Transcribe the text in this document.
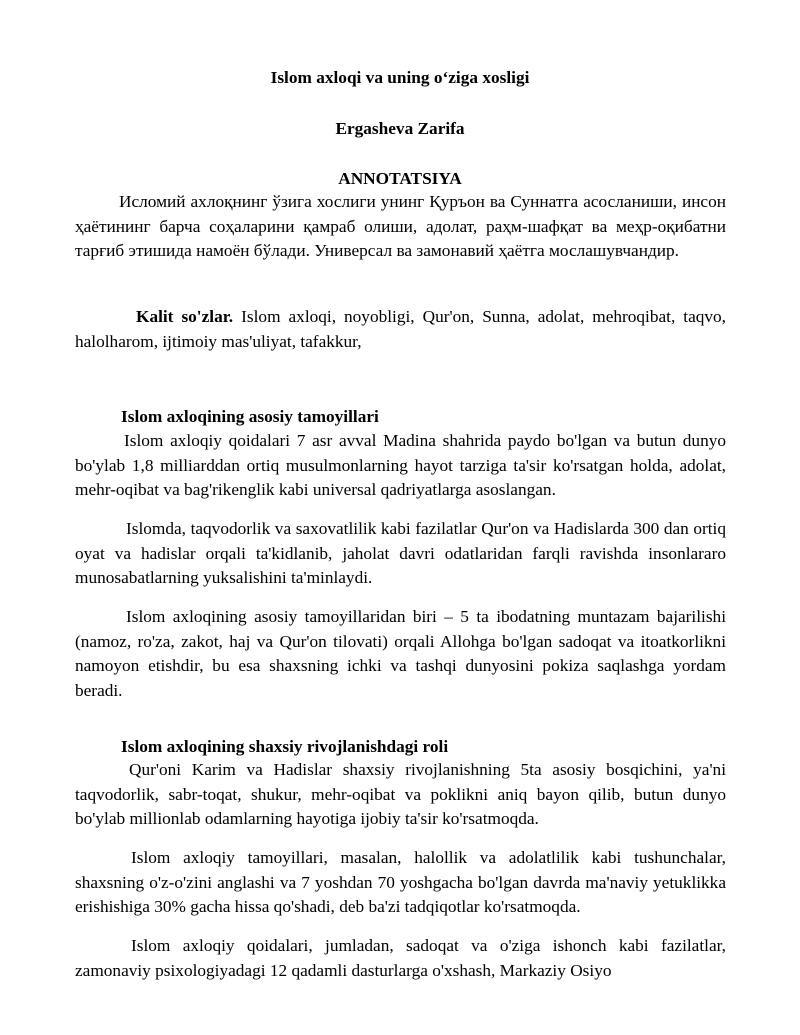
Islom axloqi va uning o‘ziga xosligi
Ergasheva Zarifa
ANNOTATSIYA
Исломий ахлоқнинг ўзига хослиги унинг Қуръон ва Суннатга асосланиши, инсон ҳаётининг барча соҳаларини қамраб олиши, адолат, раҳм-шафқат ва меҳр-оқибатни тарғиб этишида намоён бўлади. Универсал ва замонавий ҳаётга мослашувчандир.
Kalit so'zlar. Islom axloqi, noyobligi, Qur'on, Sunna, adolat, mehroqibat, taqvo, halolharom, ijtimoiy mas'uliyat, tafakkur,
Islom axloqining asosiy tamoyillari
Islom axloqiy qoidalari 7 asr avval Madina shahrida paydo bo'lgan va butun dunyo bo'ylab 1,8 milliarddan ortiq musulmonlarning hayot tarziga ta'sir ko'rsatgan holda, adolat, mehr-oqibat va bag'rikenglik kabi universal qadriyatlarga asoslangan.
Islomda, taqvodorlik va saxovatlilik kabi fazilatlar Qur'on va Hadislarda 300 dan ortiq oyat va hadislar orqali ta'kidlanib, jaholat davri odatlaridan farqli ravishda insonlararo munosabatlarning yuksalishini ta'minlaydi.
Islom axloqining asosiy tamoyillaridan biri – 5 ta ibodatning muntazam bajarilishi (namoz, ro'za, zakot, haj va Qur'on tilovati) orqali Allohga bo'lgan sadoqat va itoatkorlikni namoyon etishdir, bu esa shaxsning ichki va tashqi dunyosini pokiza saqlashga yordam beradi.
Islom axloqining shaxsiy rivojlanishdagi roli
Qur'oni Karim va Hadislar shaxsiy rivojlanishning 5ta asosiy bosqichini, ya'ni taqvodorlik, sabr-toqat, shukur, mehr-oqibat va poklikni aniq bayon qilib, butun dunyo bo'ylab millionlab odamlarning hayotiga ijobiy ta'sir ko'rsatmoqda.
Islom axloqiy tamoyillari, masalan, halollik va adolatlilik kabi tushunchalar, shaxsning o'z-o'zini anglashi va 7 yoshdan 70 yoshgacha bo'lgan davrda ma'naviy yetuklikka erishishiga 30% gacha hissa qo'shadi, deb ba'zi tadqiqotlar ko'rsatmoqda.
Islom axloqiy qoidalari, jumladan, sadoqat va o'ziga ishonch kabi fazilatlar, zamonaviy psixologiyadagi 12 qadamli dasturlarga o'xshash, Markaziy Osiyo
